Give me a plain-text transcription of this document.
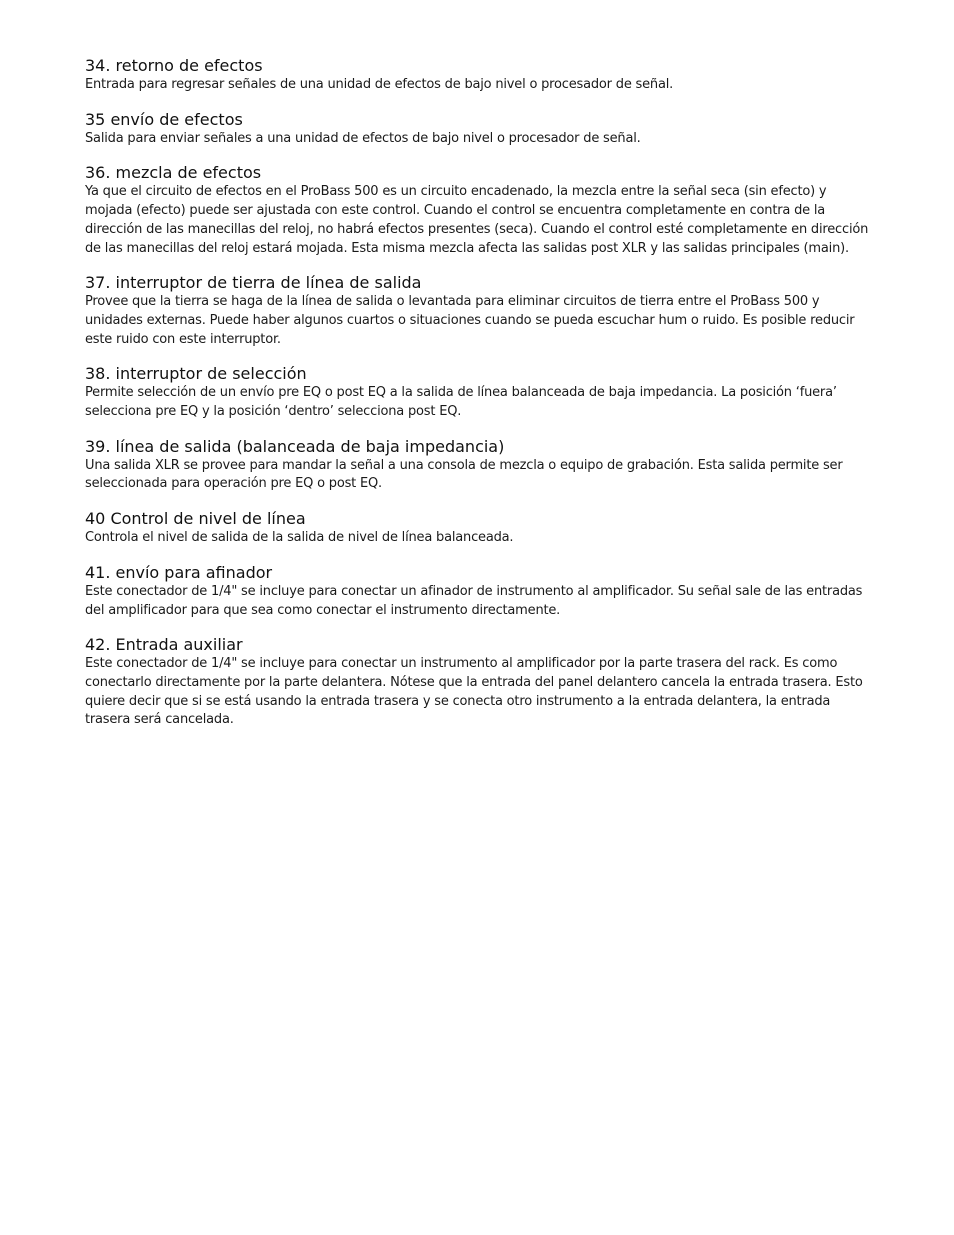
34. retorno de efectos

Entrada para regresar señales de una unidad de efectos de bajo nivel o procesador de señal.

35 envío de efectos

Salida para enviar señales a una unidad de efectos de bajo nivel o procesador de señal.

36. mezcla de efectos

Ya que el circuito de efectos en el ProBass 500 es un circuito encadenado, la mezcla entre la señal seca (sin efecto) y mojada (efecto) puede ser ajustada con este control. Cuando el control se encuentra completamente en contra de la dirección de las manecillas del reloj, no habrá efectos presentes (seca). Cuando el control esté completamente en dirección de las manecillas del reloj estará mojada. Esta misma mezcla afecta las salidas post XLR y las salidas principales (main).

37. interruptor de tierra de línea de salida

Provee que la tierra se haga de la línea de salida o levantada para eliminar circuitos de tierra entre el ProBass 500 y unidades externas. Puede haber algunos cuartos o situaciones cuando se pueda escuchar hum o ruido. Es posible reducir este ruido con este interruptor.

38. interruptor de selección

Permite selección de un envío pre EQ o post EQ a la salida de línea balanceada de baja impedancia. La posición ‘fuera’ selecciona pre EQ y la posición ‘dentro’ selecciona post EQ.

39. línea de salida (balanceada de baja impedancia)

Una salida XLR se provee para mandar la señal a una consola de mezcla o equipo de grabación. Esta salida permite ser seleccionada para operación pre EQ o post EQ.

40 Control de nivel de línea

Controla el nivel de salida de la salida de nivel de línea balanceada.

41. envío para afinador

Este conectador de 1/4" se incluye para conectar un afinador de instrumento al amplificador. Su señal sale de las entradas del amplificador para que sea como conectar el instrumento directamente.

42. Entrada auxiliar

Este conectador de 1/4" se incluye para conectar un instrumento al amplificador por la parte trasera del rack. Es como conectarlo directamente por la parte delantera. Nótese que la entrada del panel delantero cancela la entrada trasera. Esto quiere decir que si se está usando la entrada trasera y se conecta otro instrumento a la entrada delantera, la entrada trasera será cancelada.
